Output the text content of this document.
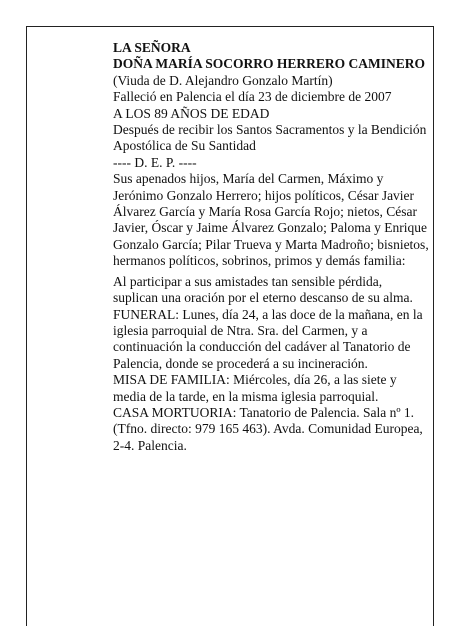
LA SEÑORA

DOÑA MARÍA SOCORRO HERRERO CAMINERO

(Viuda de D. Alejandro Gonzalo Martín)

Falleció en Palencia el día 23 de diciembre de 2007

A LOS 89 AÑOS DE EDAD

Después de recibir los Santos Sacramentos y la Bendición Apostólica de Su Santidad

---- D. E. P. ----

Sus apenados hijos, María del Carmen, Máximo y Jerónimo Gonzalo Herrero; hijos políticos, César Javier Álvarez García y María Rosa García Rojo; nietos, César Javier, Óscar y Jaime Álvarez Gonzalo; Paloma y Enrique Gonzalo García; Pilar Trueva y Marta Madroño; bisnietos, hermanos políticos, sobrinos, primos y demás familia:

Al participar a sus amistades tan sensible pérdida, suplican una oración por el eterno descanso de su alma.

FUNERAL: Lunes, día 24, a las doce de la mañana, en la iglesia parroquial de Ntra. Sra. del Carmen, y a continuación la conducción del cadáver al Tanatorio de Palencia, donde se procederá a su incineración.

MISA DE FAMILIA: Miércoles, día 26, a las siete y media de la tarde, en la misma iglesia parroquial.

CASA MORTUORIA: Tanatorio de Palencia. Sala nº 1. (Tfno. directo: 979 165 463). Avda. Comunidad Europea, 2-4. Palencia.
